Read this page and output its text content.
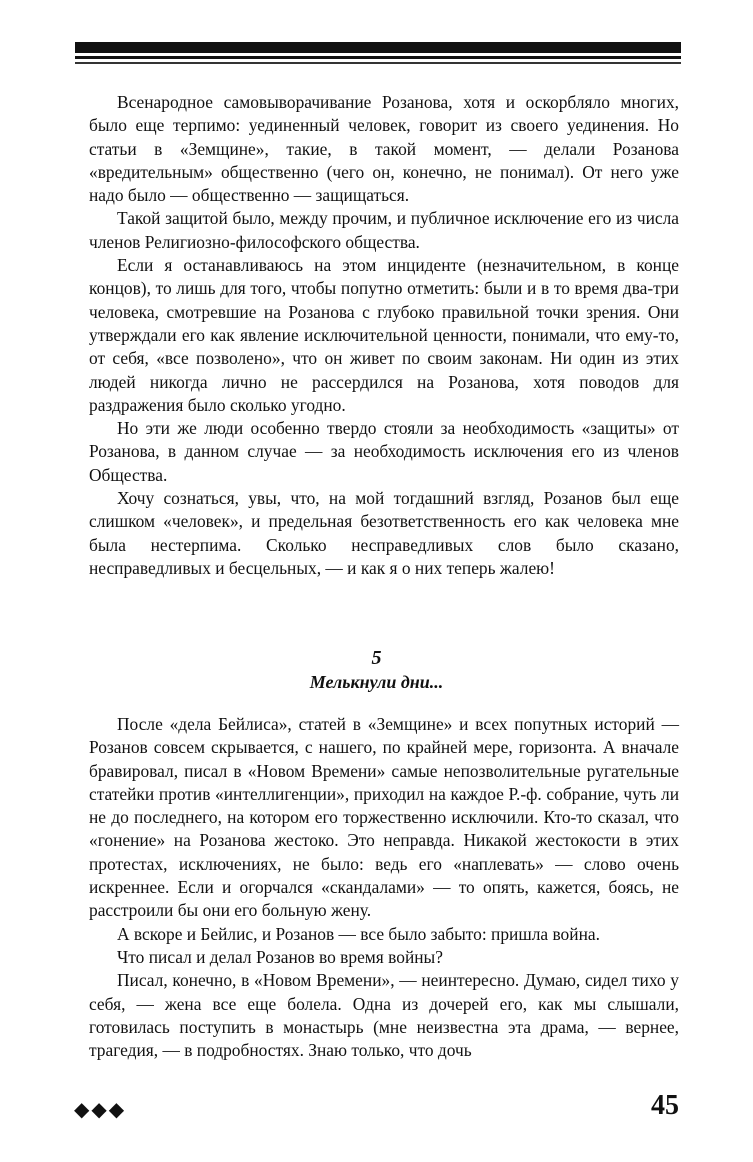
Всенародное самовыворачивание Розанова, хотя и оскорбляло многих, было еще терпимо: уединенный человек, говорит из своего уединения. Но статьи в «Земщине», такие, в такой момент, — делали Розанова «вредительным» общественно (чего он, конечно, не понимал). От него уже надо было — общественно — защищаться.

Такой защитой было, между прочим, и публичное исключение его из числа членов Религиозно-философского общества.

Если я останавливаюсь на этом инциденте (незначительном, в конце концов), то лишь для того, чтобы попутно отметить: были и в то время два-три человека, смотревшие на Розанова с глубоко правильной точки зрения. Они утверждали его как явление исключительной ценности, понимали, что ему-то, от себя, «все позволено», что он живет по своим законам. Ни один из этих людей никогда лично не рассердился на Розанова, хотя поводов для раздражения было сколько угодно.

Но эти же люди особенно твердо стояли за необходимость «защиты» от Розанова, в данном случае — за необходимость исключения его из членов Общества.

Хочу сознаться, увы, что, на мой тогдашний взгляд, Розанов был еще слишком «человек», и предельная безответственность его как человека мне была нестерпима. Сколько несправедливых слов было сказано, несправедливых и бесцельных, — и как я о них теперь жалею!

5
Мелькнули дни...

После «дела Бейлиса», статей в «Земщине» и всех попутных историй — Розанов совсем скрывается, с нашего, по крайней мере, горизонта. А вначале бравировал, писал в «Новом Времени» самые непозволительные ругательные статейки против «интеллигенции», приходил на каждое Р.-ф. собрание, чуть ли не до последнего, на котором его торжественно исключили. Кто-то сказал, что «гонение» на Розанова жестоко. Это неправда. Никакой жестокости в этих протестах, исключениях, не было: ведь его «наплевать» — слово очень искреннее. Если и огорчался «скандалами» — то опять, кажется, боясь, не расстроили бы они его больную жену.

А вскоре и Бейлис, и Розанов — все было забыто: пришла война.

Что писал и делал Розанов во время войны?

Писал, конечно, в «Новом Времени», — неинтересно. Думаю, сидел тихо у себя, — жена все еще болела. Одна из дочерей его, как мы слышали, готовилась поступить в монастырь (мне неизвестна эта драма, — вернее, трагедия, — в подробностях. Знаю только, что дочь

◆◆◆	45
